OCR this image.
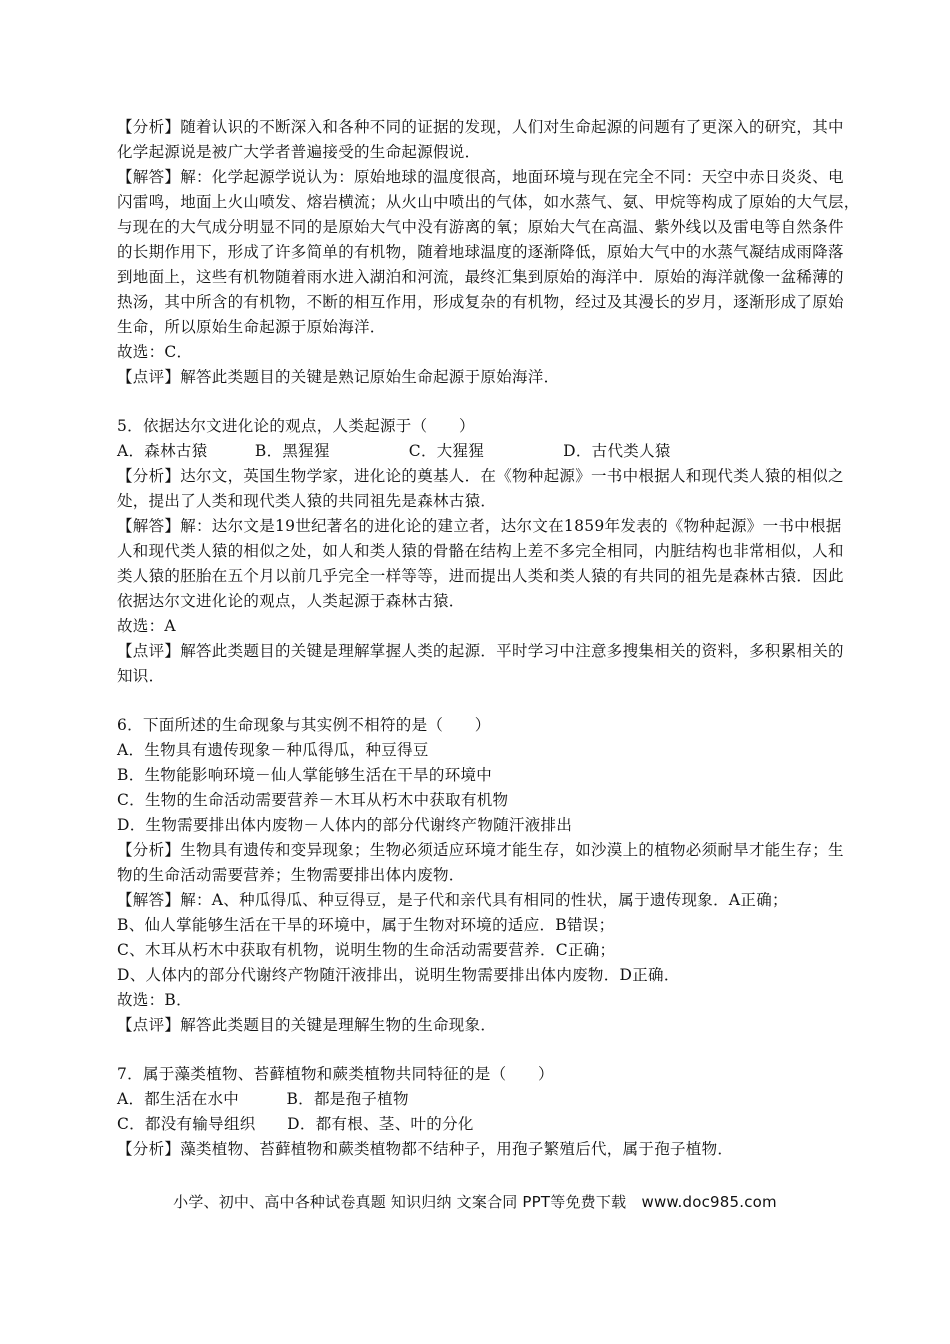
【分析】随着认识的不断深入和各种不同的证据的发现，人们对生命起源的问题有了更深入的研究，其中
化学起源说是被广大学者普遍接受的生命起源假说．
【解答】解：化学起源学说认为：原始地球的温度很高，地面环境与现在完全不同：天空中赤日炎炎、电
闪雷鸣，地面上火山喷发、熔岩横流；从火山中喷出的气体，如水蒸气、氨、甲烷等构成了原始的大气层，
与现在的大气成分明显不同的是原始大气中没有游离的氧；原始大气在高温、紫外线以及雷电等自然条件
的长期作用下，形成了许多简单的有机物，随着地球温度的逐渐降低，原始大气中的水蒸气凝结成雨降落
到地面上，这些有机物随着雨水进入湖泊和河流，最终汇集到原始的海洋中．原始的海洋就像一盆稀薄的
热汤，其中所含的有机物，不断的相互作用，形成复杂的有机物，经过及其漫长的岁月，逐渐形成了原始
生命，所以原始生命起源于原始海洋．
故选：C．
【点评】解答此类题目的关键是熟记原始生命起源于原始海洋．
5．依据达尔文进化论的观点，人类起源于（　　）
A．森林古猿　　　B．黑猩猩　　　　　C．大猩猩　　　　　D．古代类人猿
【分析】达尔文，英国生物学家，进化论的奠基人．在《物种起源》一书中根据人和现代类人猿的相似之
处，提出了人类和现代类人猿的共同祖先是森林古猿．
【解答】解：达尔文是19世纪著名的进化论的建立者，达尔文在1859年发表的《物种起源》一书中根据
人和现代类人猿的相似之处，如人和类人猿的骨骼在结构上差不多完全相同，内脏结构也非常相似，人和
类人猿的胚胎在五个月以前几乎完全一样等等，进而提出人类和类人猿的有共同的祖先是森林古猿．因此
依据达尔文进化论的观点，人类起源于森林古猿．
故选：A
【点评】解答此类题目的关键是理解掌握人类的起源．平时学习中注意多搜集相关的资料，多积累相关的
知识．
6．下面所述的生命现象与其实例不相符的是（　　）
A．生物具有遗传现象－种瓜得瓜，种豆得豆
B．生物能影响环境－仙人掌能够生活在干旱的环境中
C．生物的生命活动需要营养－木耳从朽木中获取有机物
D．生物需要排出体内废物－人体内的部分代谢终产物随汗液排出
【分析】生物具有遗传和变异现象；生物必须适应环境才能生存，如沙漠上的植物必须耐旱才能生存；生
物的生命活动需要营养；生物需要排出体内废物．
【解答】解：A、种瓜得瓜、种豆得豆，是子代和亲代具有相同的性状，属于遗传现象．A正确；
B、仙人掌能够生活在干旱的环境中，属于生物对环境的适应．B错误；
C、木耳从朽木中获取有机物，说明生物的生命活动需要营养．C正确；
D、人体内的部分代谢终产物随汗液排出，说明生物需要排出体内废物．D正确．
故选：B．
【点评】解答此类题目的关键是理解生物的生命现象．
7．属于藻类植物、苔藓植物和蕨类植物共同特征的是（　　）
A．都生活在水中　　　B．都是孢子植物
C．都没有输导组织　　D．都有根、茎、叶的分化
【分析】藻类植物、苔藓植物和蕨类植物都不结种子，用孢子繁殖后代，属于孢子植物．
小学、初中、高中各种试卷真题 知识归纳 文案合同 PPT等免费下载　www.doc985.com
